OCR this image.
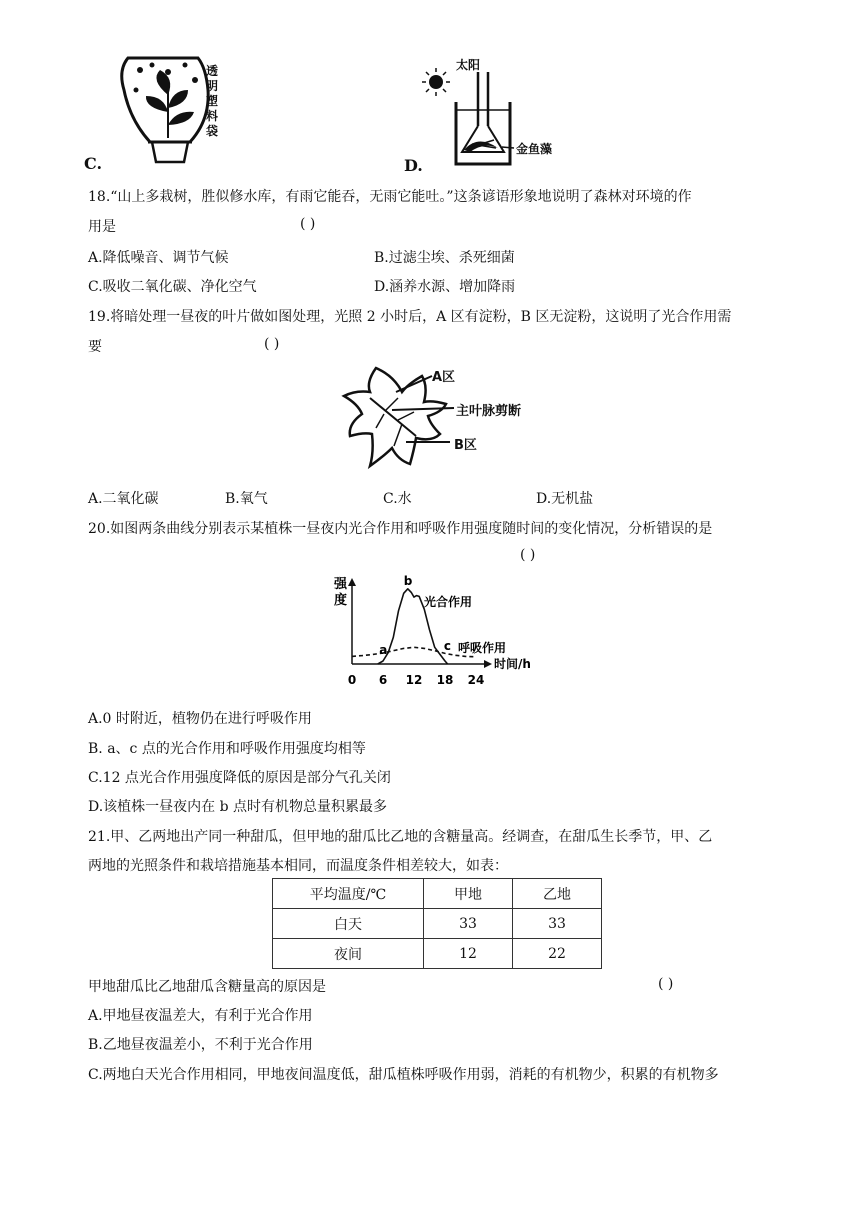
C.
透
明
塑
料
袋
D.
太阳
金鱼藻
18.“山上多栽树，胜似修水库，有雨它能吞，无雨它能吐。”这条谚语形象地说明了森林对环境的作
用是	( )
A.降低噪音、调节气候	B.过滤尘埃、杀死细菌
C.吸收二氧化碳、净化空气	D.涵养水源、增加降雨
19.将暗处理一昼夜的叶片做如图处理，光照 2 小时后，A 区有淀粉，B 区无淀粉，这说明了光合作用需
要	( )
A区
主叶脉剪断
B区
A.二氧化碳	B.氧气	C.水	D.无机盐
20.如图两条曲线分别表示某植株一昼夜内光合作用和呼吸作用强度随时间的变化情况，分析错误的是
( )
0 6 12 18 24
a
b
c
强
度
时间/h
光合作用
呼吸作用
A.0 时附近，植物仍在进行呼吸作用
B. a、c 点的光合作用和呼吸作用强度均相等
C.12 点光合作用强度降低的原因是部分气孔关闭
D.该植株一昼夜内在 b 点时有机物总量积累最多
21.甲、乙两地出产同一种甜瓜，但甲地的甜瓜比乙地的含糖量高。经调查，在甜瓜生长季节，甲、乙
两地的光照条件和栽培措施基本相同，而温度条件相差较大，如表：
平均温度/℃	甲地	乙地
白天	33	33
夜间	12	22
甲地甜瓜比乙地甜瓜含糖量高的原因是	( )
A.甲地昼夜温差大，有利于光合作用
B.乙地昼夜温差小，不利于光合作用
C.两地白天光合作用相同，甲地夜间温度低，甜瓜植株呼吸作用弱，消耗的有机物少，积累的有机物多
